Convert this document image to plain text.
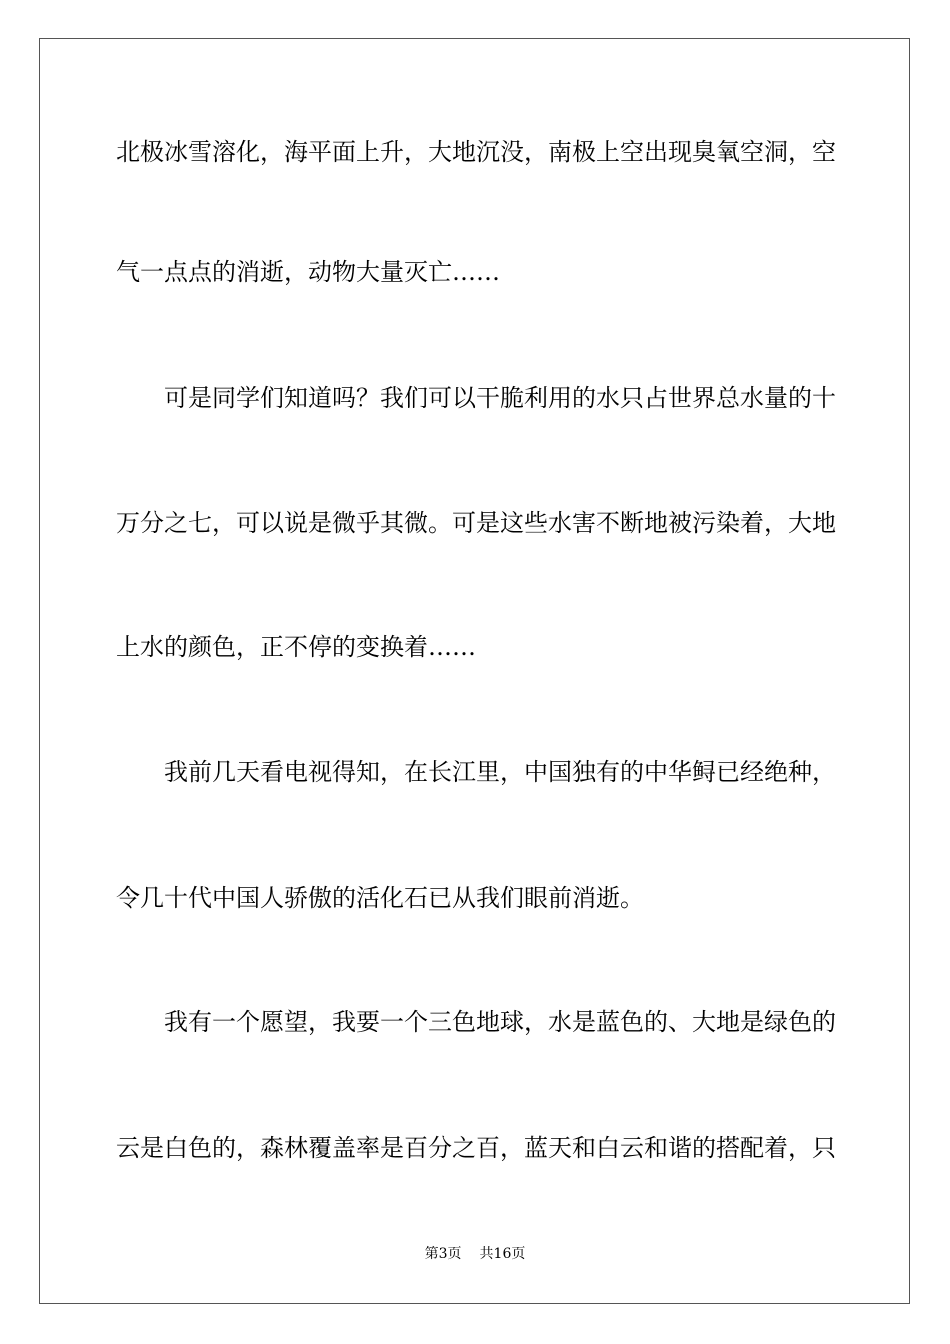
北极冰雪溶化，海平面上升，大地沉没，南极上空出现臭氧空洞，空
气一点点的消逝，动物大量灭亡……
可是同学们知道吗？我们可以干脆利用的水只占世界总水量的十
万分之七，可以说是微乎其微。可是这些水害不断地被污染着，大地
上水的颜色，正不停的变换着……
我前几天看电视得知，在长江里，中国独有的中华鲟已经绝种，
令几十代中国人骄傲的活化石已从我们眼前消逝。
我有一个愿望，我要一个三色地球，水是蓝色的、大地是绿色的
云是白色的，森林覆盖率是百分之百，蓝天和白云和谐的搭配着，只
第3页 共16页
